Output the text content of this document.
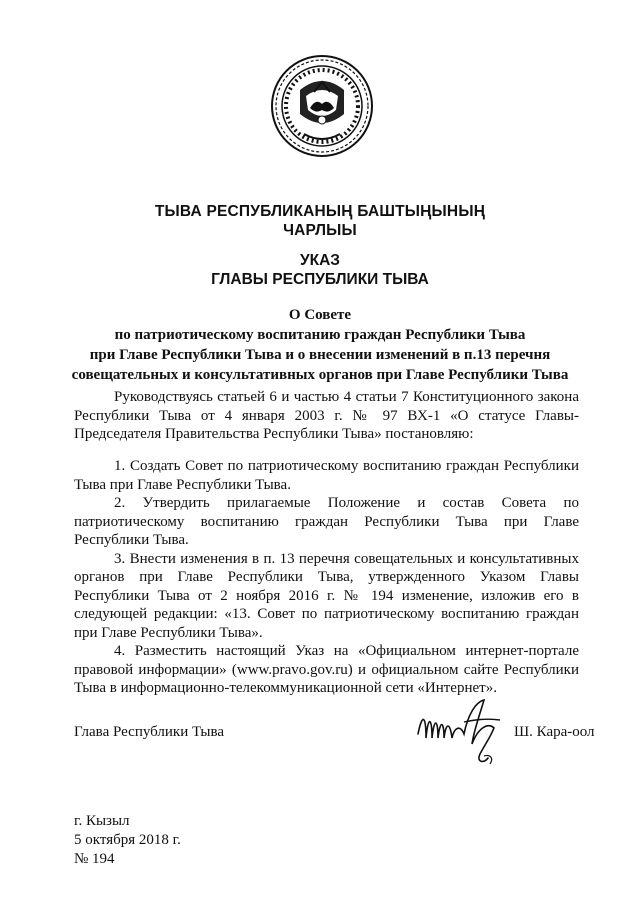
ТЫВА РЕСПУБЛИКАНЫҢ БАШТЫҢЫНЫҢ
ЧАРЛЫЫ
УКАЗ
ГЛАВЫ РЕСПУБЛИКИ ТЫВА
О Совете
по патриотическому воспитанию граждан Республики Тыва
при Главе Республики Тыва и о внесении изменений в п.13 перечня
совещательных и консультативных органов при Главе Республики Тыва

Руководствуясь статьей 6 и частью 4 статьи 7 Конституционного закона Республики Тыва от 4 января 2003 г. № 97 ВХ-1 «О статусе Главы-Председателя Правительства Республики Тыва» постановляю:

1. Создать Совет по патриотическому воспитанию граждан Республики Тыва при Главе Республики Тыва.

2. Утвердить прилагаемые Положение и состав Совета по патриотическому воспитанию граждан Республики Тыва при Главе Республики Тыва.

3. Внести изменения в п. 13 перечня совещательных и консультативных органов при Главе Республики Тыва, утвержденного Указом Главы Республики Тыва от 2 ноября 2016 г. № 194 изменение, изложив его в следующей редакции: «13. Совет по патриотическому воспитанию граждан при Главе Республики Тыва».

4. Разместить настоящий Указ на «Официальном интернет-портале правовой информации» (www.pravo.gov.ru) и официальном сайте Республики Тыва в информационно-телекоммуникационной сети «Интернет».

Глава Республики Тыва	Ш. Кара-оол
г. Кызыл
5 октября 2018 г.
№ 194
